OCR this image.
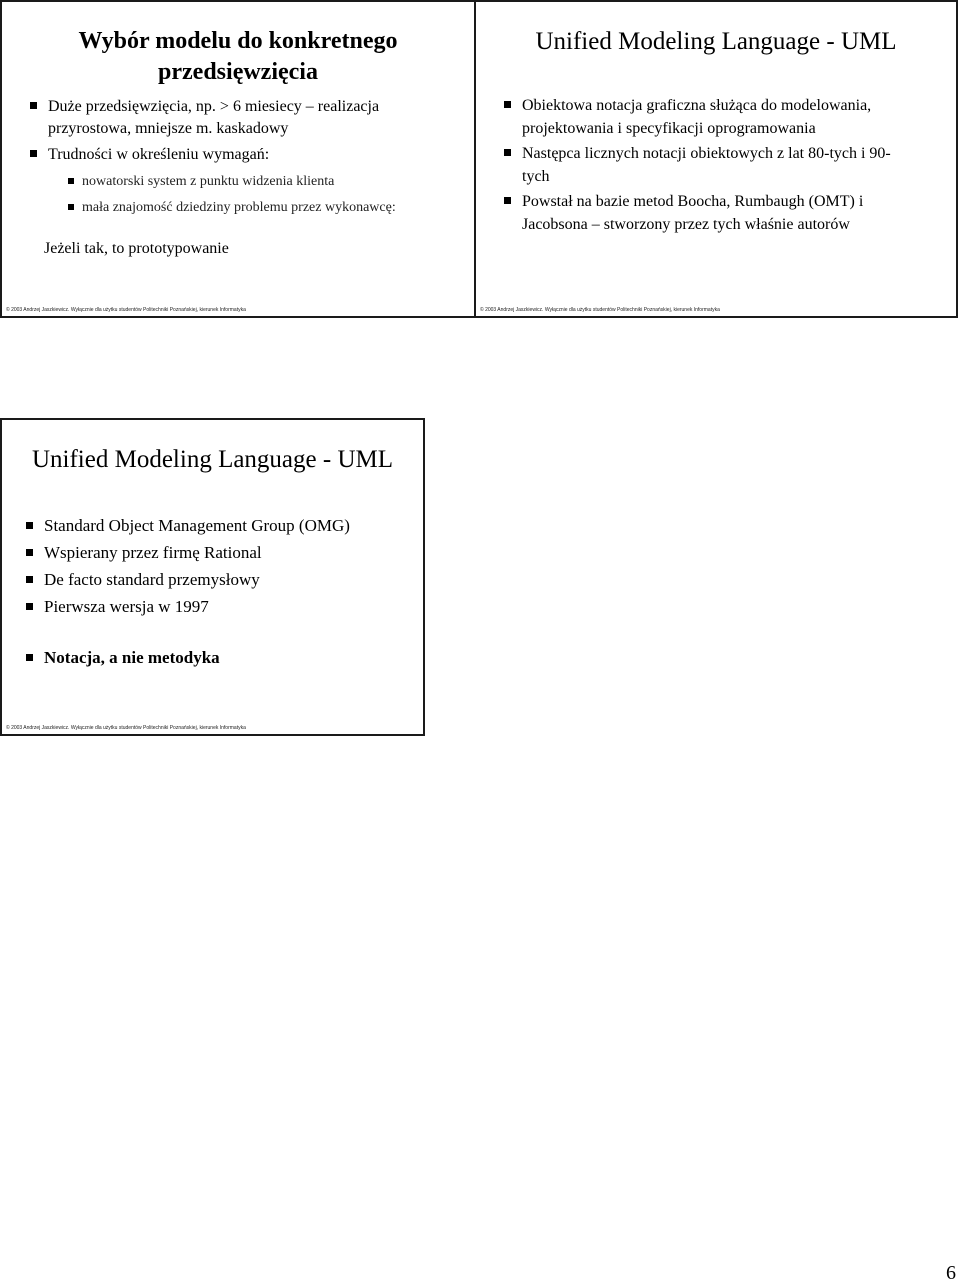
Wybór modelu do konkretnego przedsięwzięcia
Duże przedsięwzięcia, np. > 6 miesiecy – realizacja przyrostowa, mniejsze m. kaskadowy
Trudności w określeniu wymagań:
nowatorski system z punktu widzenia klienta
mała znajomość dziedziny problemu przez wykonawcę:

Jeżeli tak, to prototypowanie

© 2003 Andrzej Jaszkiewicz. Wyłącznie dla użytku studentów Politechniki Poznańskiej, kierunek Informatyka
Unified Modeling Language - UML
Obiektowa notacja graficzna służąca do modelowania, projektowania i specyfikacji oprogramowania
Następca licznych notacji obiektowych z lat 80-tych i 90-tych
Powstał na bazie metod Boocha, Rumbaugh (OMT) i Jacobsona – stworzony przez tych właśnie autorów
© 2003 Andrzej Jaszkiewicz. Wyłącznie dla użytku studentów Politechniki Poznańskiej, kierunek Informatyka
Unified Modeling Language - UML
Standard Object Management Group (OMG)
Wspierany przez firmę Rational
De facto standard przemysłowy
Pierwsza wersja w 1997
Notacja, a nie metodyka
© 2003 Andrzej Jaszkiewicz. Wyłącznie dla użytku studentów Politechniki Poznańskiej, kierunek Informatyka

6
